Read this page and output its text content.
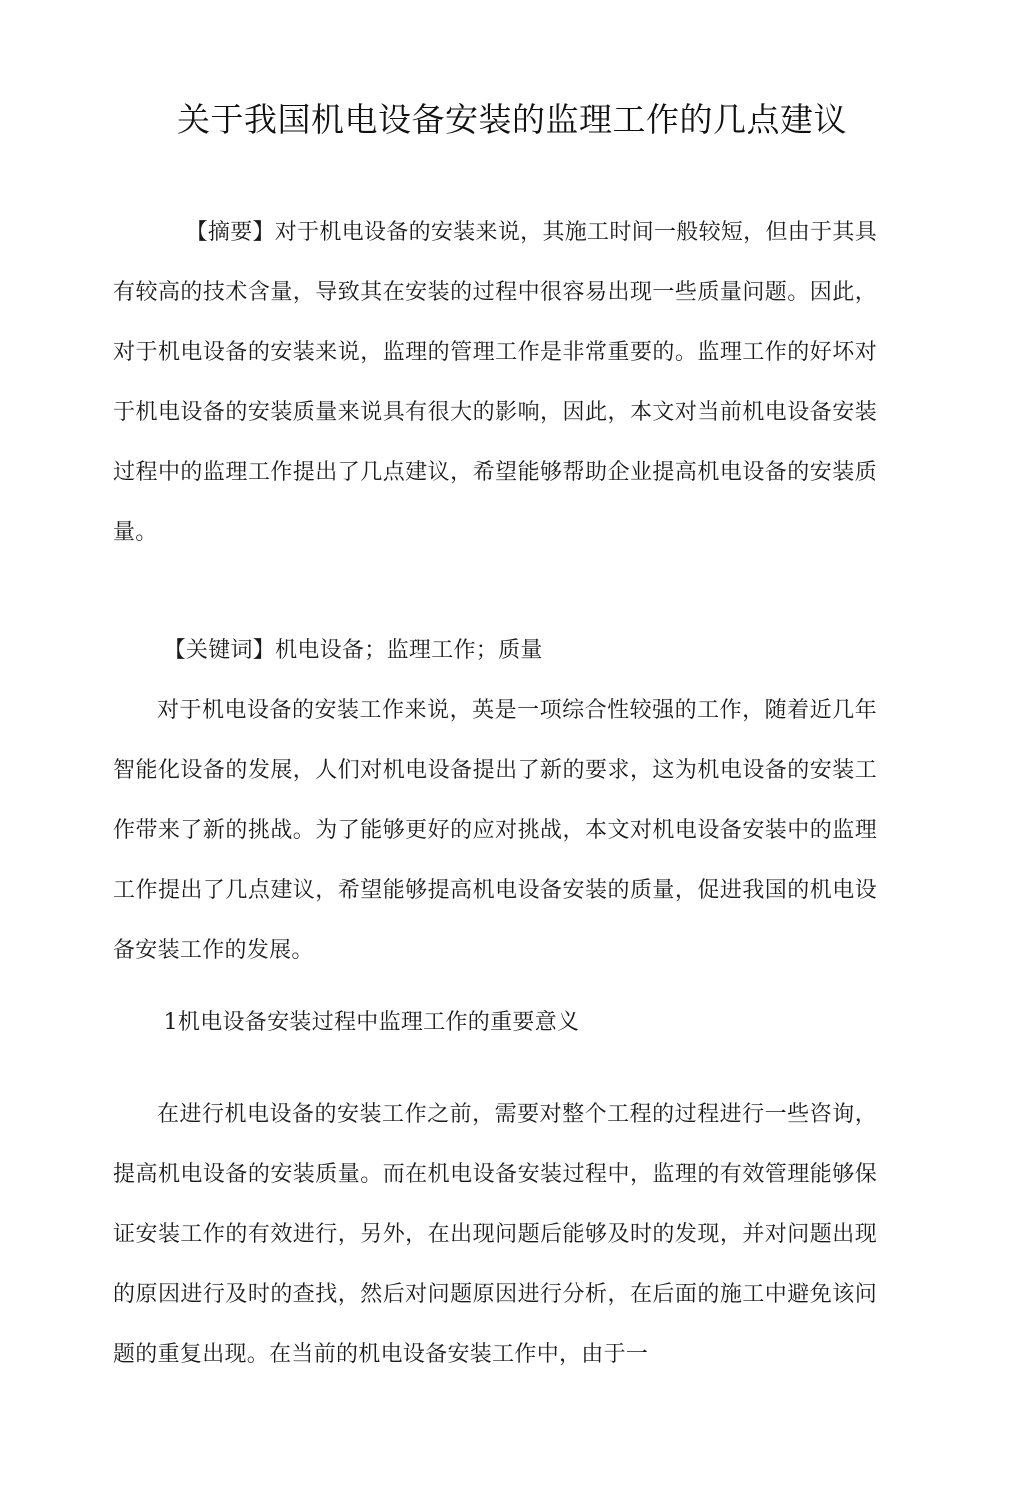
关于我国机电设备安装的监理工作的几点建议

【摘要】对于机电设备的安装来说，其施工时间一般较短，但由于其具有较高的技术含量，导致其在安装的过程中很容易出现一些质量问题。因此，对于机电设备的安装来说，监理的管理工作是非常重要的。监理工作的好坏对于机电设备的安装质量来说具有很大的影响，因此，本文对当前机电设备安装过程中的监理工作提出了几点建议，希望能够帮助企业提高机电设备的安装质量。

【关键词】机电设备；监理工作；质量

对于机电设备的安装工作来说，英是一项综合性较强的工作，随着近几年智能化设备的发展，人们对机电设备提出了新的要求，这为机电设备的安装工作带来了新的挑战。为了能够更好的应对挑战，本文对机电设备安装中的监理工作提出了几点建议，希望能够提高机电设备安装的质量，促进我国的机电设备安装工作的发展。

1机电设备安装过程中监理工作的重要意义

在进行机电设备的安装工作之前，需要对整个工程的过程进行一些咨询，提高机电设备的安装质量。而在机电设备安装过程中，监理的有效管理能够保证安装工作的有效进行，另外，在出现问题后能够及时的发现，并对问题出现的原因进行及时的查找，然后对问题原因进行分析，在后面的施工中避免该问题的重复出现。在当前的机电设备安装工作中，由于一
